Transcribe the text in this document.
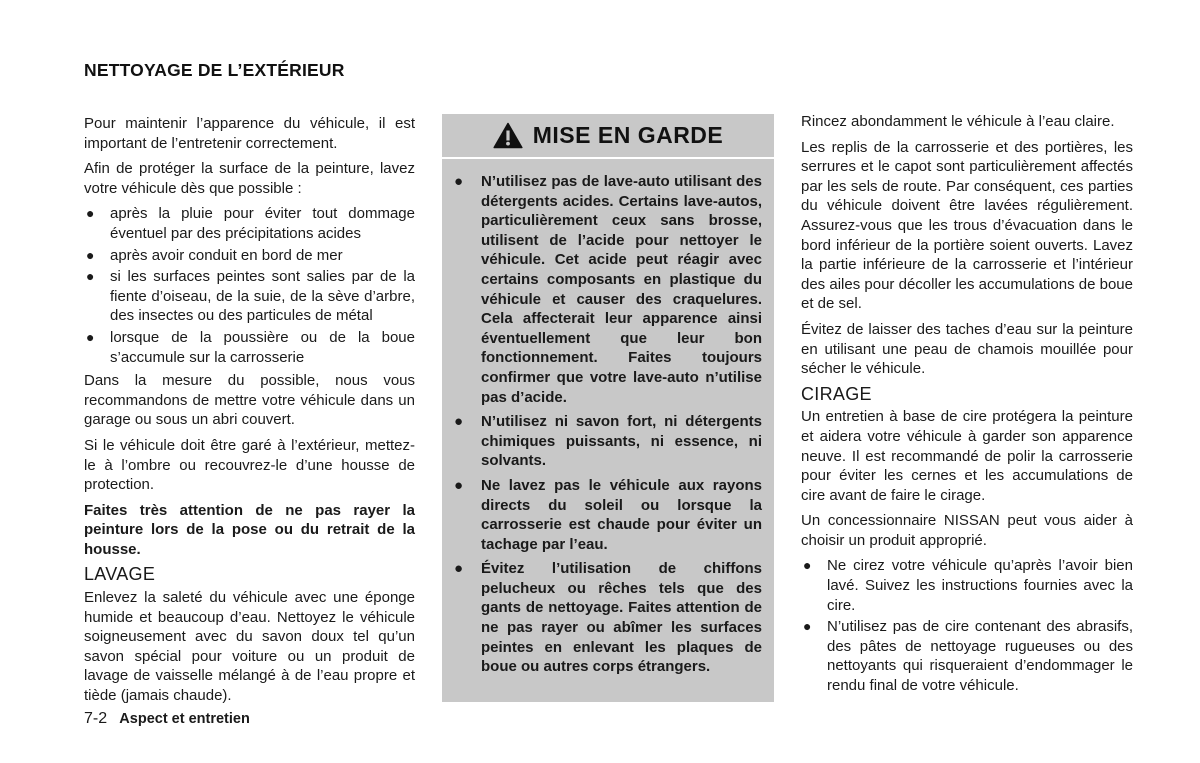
NETTOYAGE DE L’EXTÉRIEUR

Pour maintenir l’apparence du véhicule, il est important de l’entretenir correctement.

Afin de protéger la surface de la peinture, lavez votre véhicule dès que possible :

● après la pluie pour éviter tout dommage éventuel par des précipitations acides
● après avoir conduit en bord de mer
● si les surfaces peintes sont salies par de la fiente d’oiseau, de la suie, de la sève d’arbre, des insectes ou des particules de métal
● lorsque de la poussière ou de la boue s’accumule sur la carrosserie

Dans la mesure du possible, nous vous recommandons de mettre votre véhicule dans un garage ou sous un abri couvert.

Si le véhicule doit être garé à l’extérieur, mettez-le à l’ombre ou recouvrez-le d’une housse de protection.

Faites très attention de ne pas rayer la peinture lors de la pose ou du retrait de la housse.

LAVAGE

Enlevez la saleté du véhicule avec une éponge humide et beaucoup d’eau. Nettoyez le véhicule soigneusement avec du savon doux tel qu’un savon spécial pour voiture ou un produit de lavage de vaisselle mélangé à de l’eau propre et tiède (jamais chaude).

MISE EN GARDE
● N’utilisez pas de lave-auto utilisant des détergents acides. Certains lave-autos, particulièrement ceux sans brosse, utilisent de l’acide pour nettoyer le véhicule. Cet acide peut réagir avec certains composants en plastique du véhicule et causer des craquelures. Cela affecterait leur apparence ainsi éventuellement que leur bon fonctionnement. Faites toujours confirmer que votre lave-auto n’utilise pas d’acide.
● N’utilisez ni savon fort, ni détergents chimiques puissants, ni essence, ni solvants.
● Ne lavez pas le véhicule aux rayons directs du soleil ou lorsque la carrosserie est chaude pour éviter un tachage par l’eau.
● Évitez l’utilisation de chiffons pelucheux ou rêches tels que des gants de nettoyage. Faites attention de ne pas rayer ou abîmer les surfaces peintes en enlevant les plaques de boue ou autres corps étrangers.

Rincez abondamment le véhicule à l’eau claire.

Les replis de la carrosserie et des portières, les serrures et le capot sont particulièrement affectés par les sels de route. Par conséquent, ces parties du véhicule doivent être lavées régulièrement. Assurez-vous que les trous d’évacuation dans le bord inférieur de la portière soient ouverts. Lavez la partie inférieure de la carrosserie et l’intérieur des ailes pour décoller les accumulations de boue et de sel.

Évitez de laisser des taches d’eau sur la peinture en utilisant une peau de chamois mouillée pour sécher le véhicule.

CIRAGE

Un entretien à base de cire protégera la peinture et aidera votre véhicule à garder son apparence neuve. Il est recommandé de polir la carrosserie pour éviter les cernes et les accumulations de cire avant de faire le cirage.

Un concessionnaire NISSAN peut vous aider à choisir un produit approprié.

● Ne cirez votre véhicule qu’après l’avoir bien lavé. Suivez les instructions fournies avec la cire.
● N’utilisez pas de cire contenant des abrasifs, des pâtes de nettoyage rugueuses ou des nettoyants qui risqueraient d’endommager le rendu final de votre véhicule.
7-2 Aspect et entretien
